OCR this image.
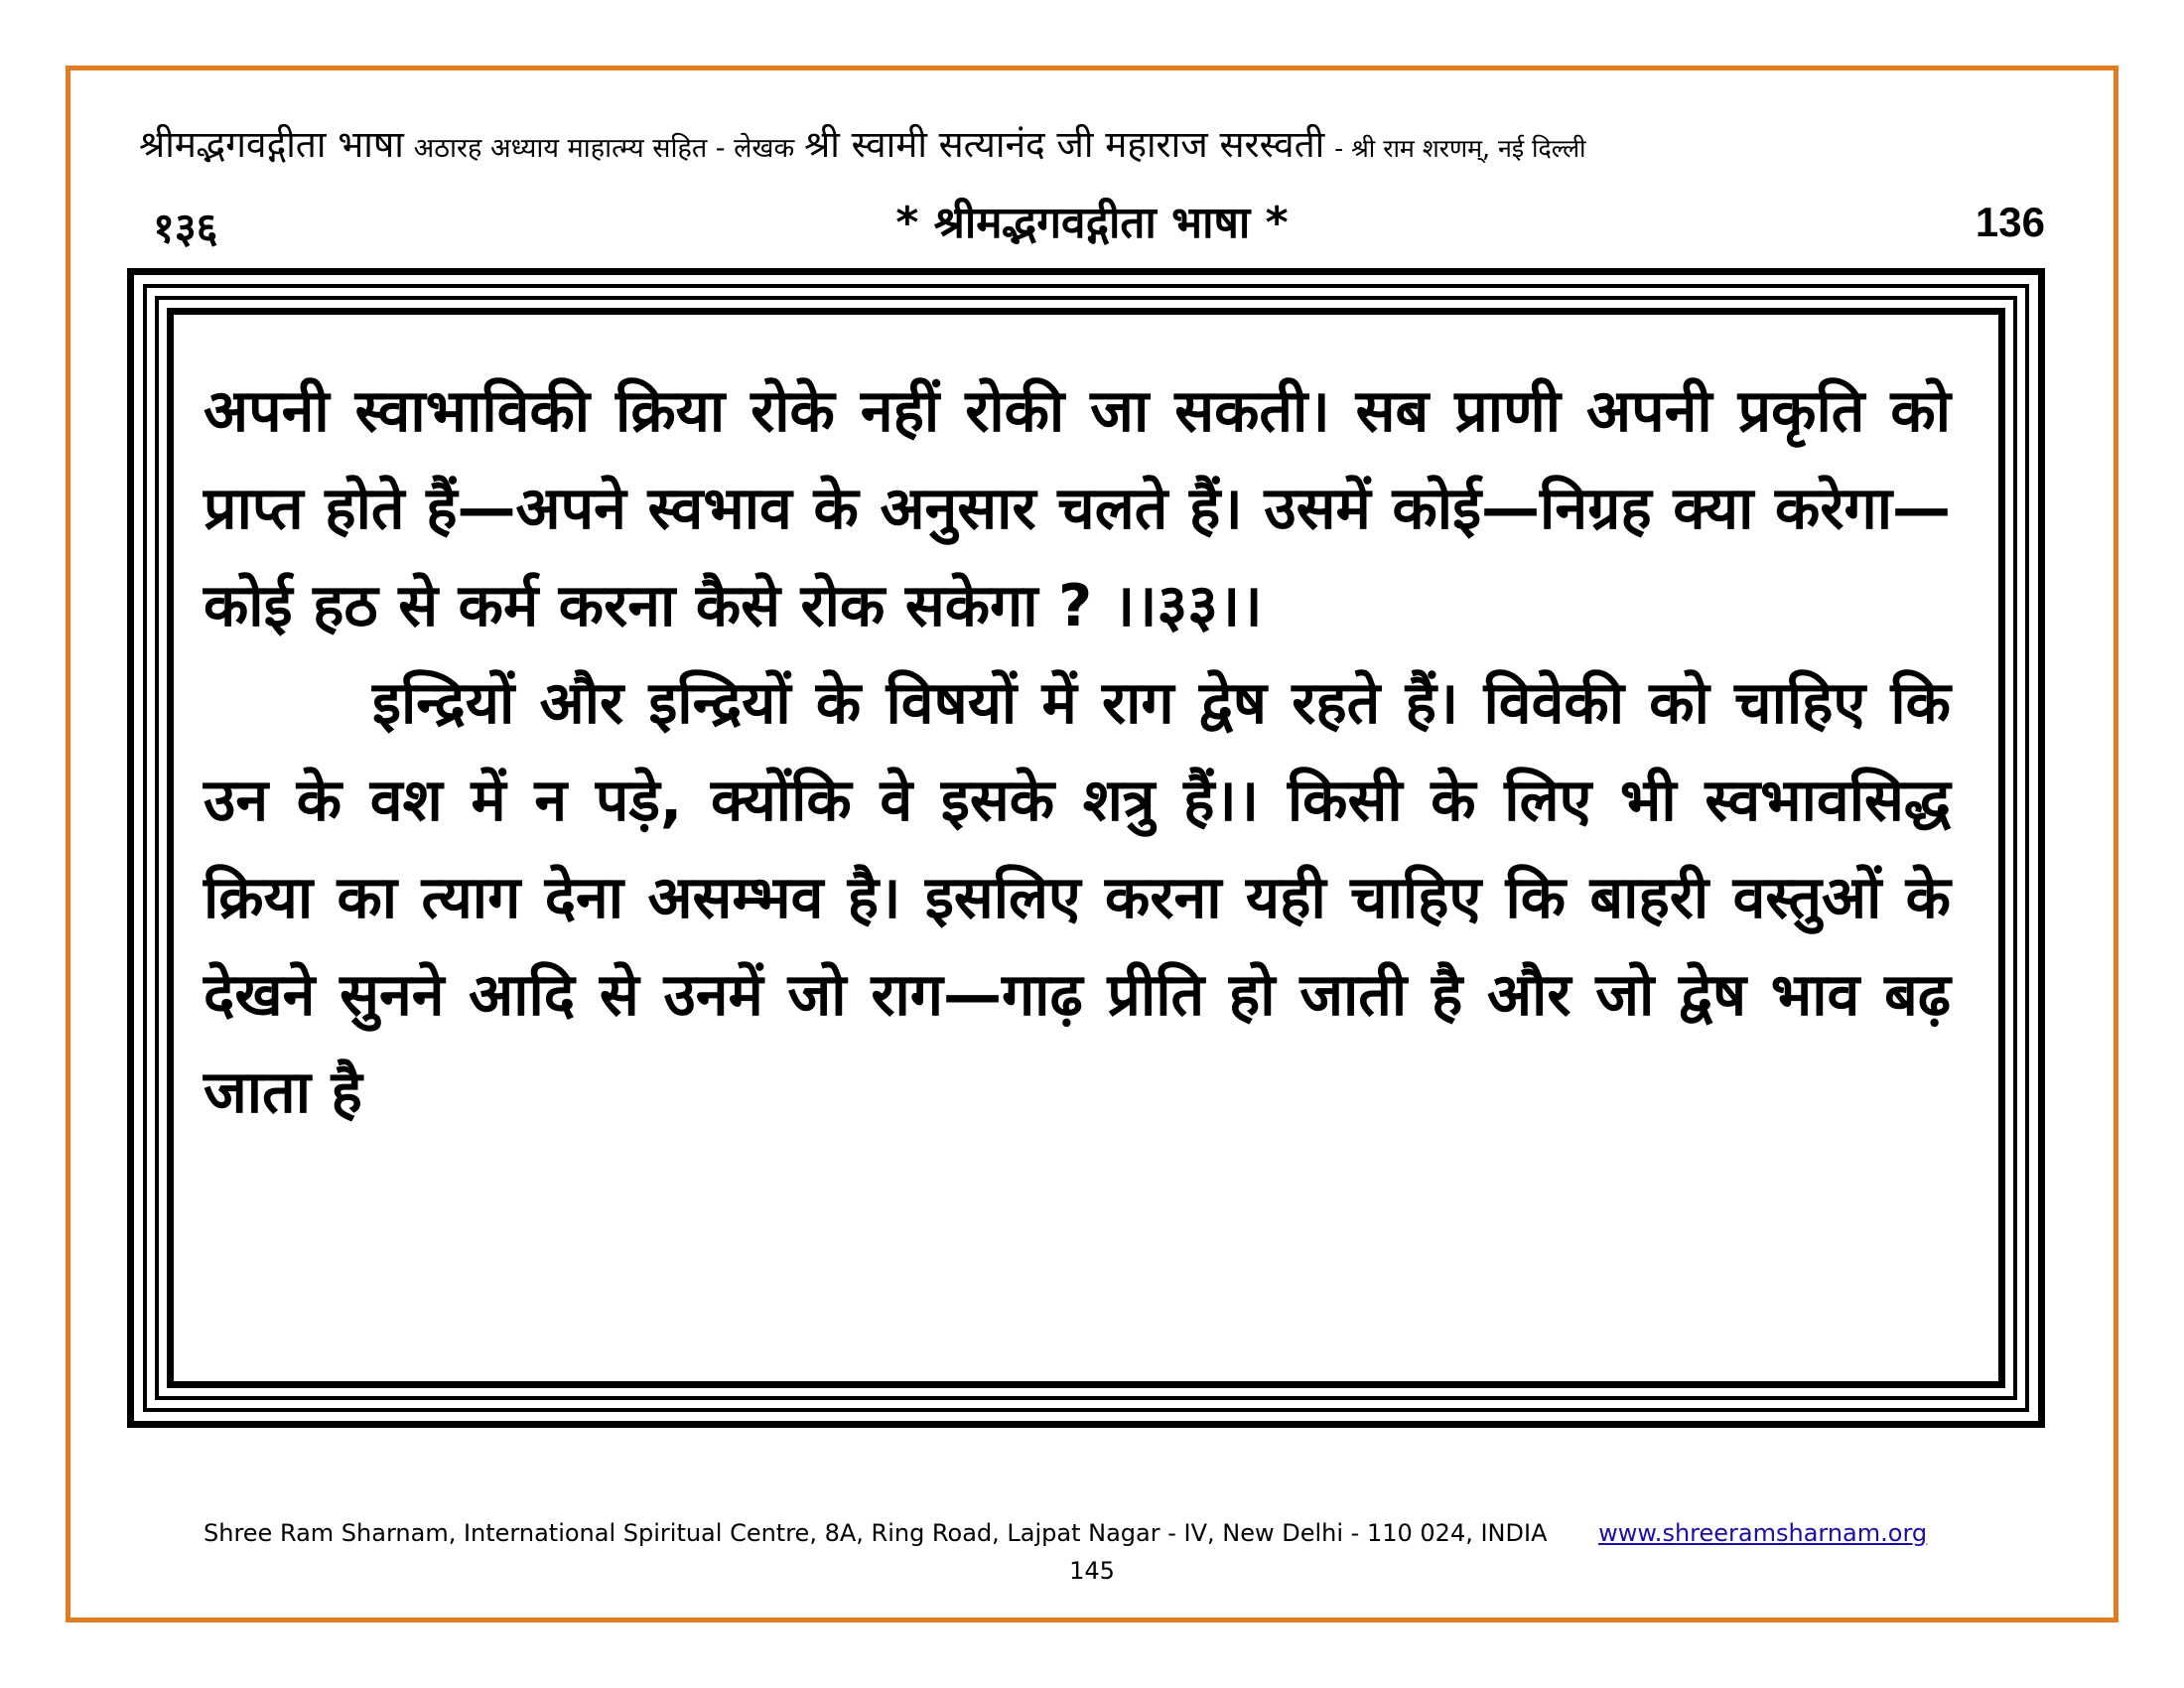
श्रीमद्भगवद्गीता भाषा अठारह अध्याय माहात्म्य सहित - लेखक श्री स्वामी सत्यानंद जी महाराज सरस्वती - श्री राम शरणम्, नई दिल्ली
१३६	* श्रीमद्भगवद्गीता भाषा *	136

अपनी स्वाभाविकी क्रिया रोके नहीं रोकी जा सकती। सब प्राणी अपनी प्रकृति को प्राप्त होते हैं—अपने स्वभाव के अनुसार चलते हैं। उसमें कोई—निग्रह क्या करेगा—कोई हठ से कर्म करना कैसे रोक सकेगा ? ।।३३।।

इन्द्रियों और इन्द्रियों के विषयों में राग द्वेष रहते हैं। विवेकी को चाहिए कि उन के वश में न पड़े, क्योंकि वे इसके शत्रु हैं।। किसी के लिए भी स्वभावसिद्ध क्रिया का त्याग देना असम्भव है। इसलिए करना यही चाहिए कि बाहरी वस्तुओं के देखने सुनने आदि से उनमें जो राग—गाढ़ प्रीति हो जाती है और जो द्वेष भाव बढ़ जाता है

Shree Ram Sharnam, International Spiritual Centre, 8A, Ring Road, Lajpat Nagar - IV, New Delhi - 110 024, INDIA www.shreeramsharnam.org
145
